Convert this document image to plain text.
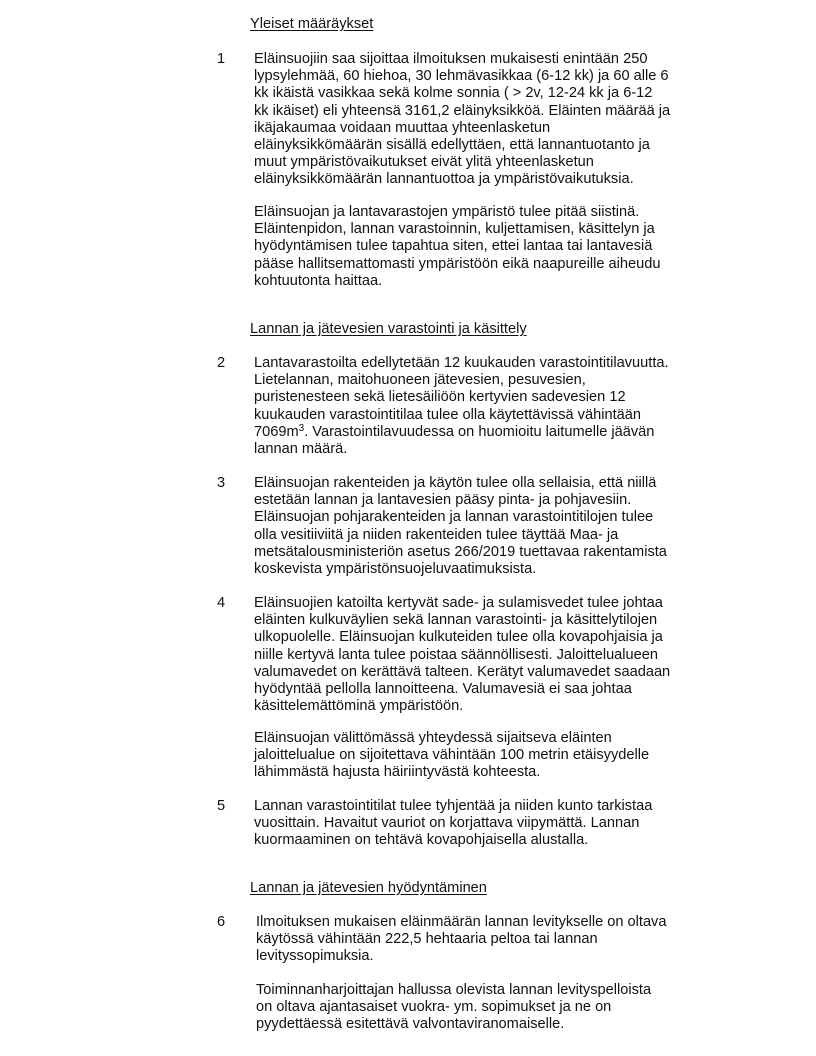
Yleiset määräykset
1 Eläinsuojiin saa sijoittaa ilmoituksen mukaisesti enintään 250
lypsylehmää, 60 hiehoa, 30 lehmävasikkaa (6-12 kk) ja 60 alle 6
kk ikäistä vasikkaa sekä kolme sonnia ( > 2v, 12-24 kk ja 6-12
kk ikäiset) eli yhteensä 3161,2 eläinyksikköä. Eläinten määrää ja
ikäjakaumaa voidaan muuttaa yhteenlasketun
eläinyksikkömäärän sisällä edellyttäen, että lannantuotanto ja
muut ympäristövaikutukset eivät ylitä yhteenlasketun
eläinyksikkömäärän lannantuottoa ja ympäristövaikutuksia.
Eläinsuojan ja lantavarastojen ympäristö tulee pitää siistinä.
Eläintenpidon, lannan varastoinnin, kuljettamisen, käsittelyn ja
hyödyntämisen tulee tapahtua siten, ettei lantaa tai lantavesiä
pääse hallitsemattomasti ympäristöön eikä naapureille aiheudu
kohtuutonta haittaa.
Lannan ja jätevesien varastointi ja käsittely
2 Lantavarastoilta edellytetään 12 kuukauden varastointitilavuutta.
Lietelannan, maitohuoneen jätevesien, pesuvesien,
puristenesteen sekä lietesäiliöön kertyvien sadevesien 12
kuukauden varastointitilaa tulee olla käytettävissä vähintään
$7069m^3$. Varastointilavuudessa on huomioitu laitumelle jäävän
lannan määrä.
3 Eläinsuojan rakenteiden ja käytön tulee olla sellaisia, että niillä
estetään lannan ja lantavesien pääsy pinta- ja pohjavesiin.
Eläinsuojan pohjarakenteiden ja lannan varastointitilojen tulee
olla vesitiiviitä ja niiden rakenteiden tulee täyttää Maa- ja
metsätalousministeriön asetus 266/2019 tuettavaa rakentamista
koskevista ympäristönsuojeluvaatimuksista.
4 Eläinsuojien katoilta kertyvät sade- ja sulamisvedet tulee johtaa
eläinten kulkuväylien sekä lannan varastointi- ja käsittelytilojen
ulkopuolelle. Eläinsuojan kulkuteiden tulee olla kovapohjaisia ja
niille kertyvä lanta tulee poistaa säännöllisesti. Jaloittelualueen
valumavedet on kerättävä talteen. Kerätyt valumavedet saadaan
hyödyntää pellolla lannoitteena. Valumavesiä ei saa johtaa
käsittelemättöminä ympäristöön.
Eläinsuojan välittömässä yhteydessä sijaitseva eläinten
jaloittelualue on sijoitettava vähintään 100 metrin etäisyydelle
lähimmästä hajusta häiriintyvästä kohteesta.
5 Lannan varastointitilat tulee tyhjentää ja niiden kunto tarkistaa
vuosittain. Havaitut vauriot on korjattava viipymättä. Lannan
kuormaaminen on tehtävä kovapohjaisella alustalla.
Lannan ja jätevesien hyödyntäminen
6 Ilmoituksen mukaisen eläinmäärän lannan levitykselle on oltava
käytössä vähintään 222,5 hehtaaria peltoa tai lannan
levityssopimuksia.
Toiminnanharjoittajan hallussa olevista lannan levityspelloista
on oltava ajantasaiset vuokra- ym. sopimukset ja ne on
pyydettäessä esitettävä valvontaviranomaiselle.
